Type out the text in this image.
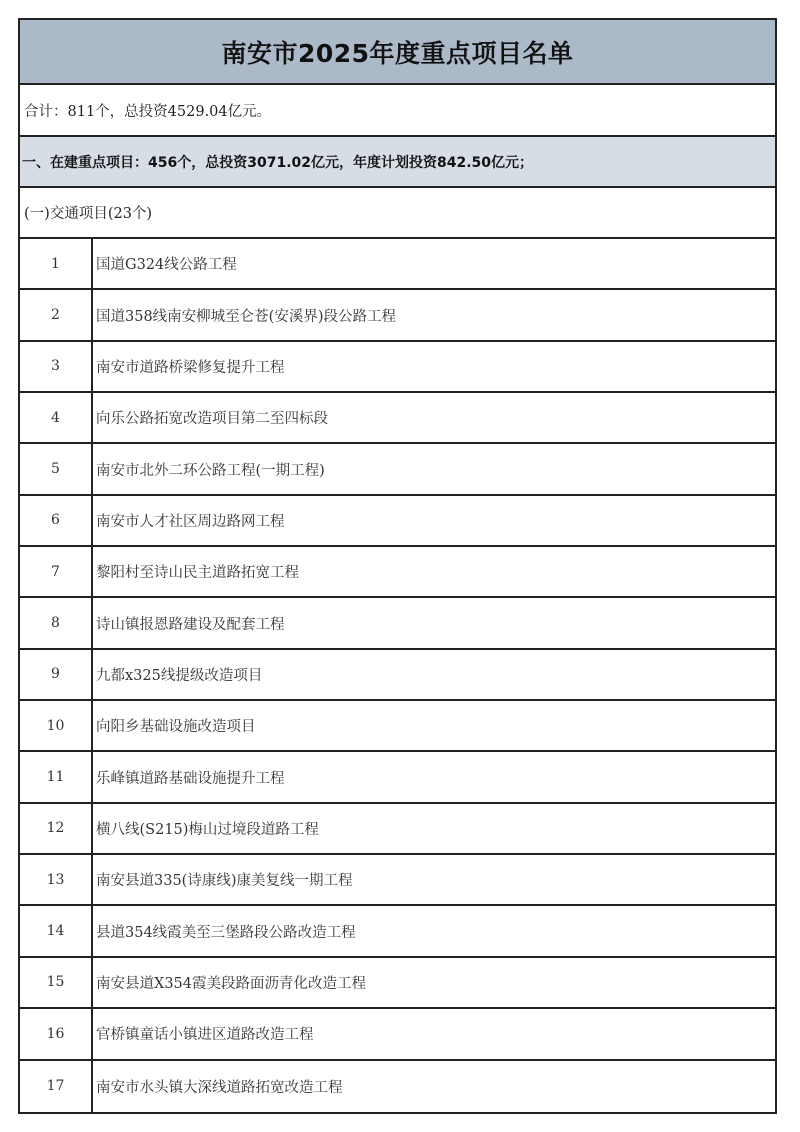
南安市2025年度重点项目名单
合计：811个，总投资4529.04亿元。
一、在建重点项目：456个，总投资3071.02亿元，年度计划投资842.50亿元；
(一)交通项目(23个)
1	国道G324线公路工程
2	国道358线南安柳城至仑苍(安溪界)段公路工程
3	南安市道路桥梁修复提升工程
4	向乐公路拓宽改造项目第二至四标段
5	南安市北外二环公路工程(一期工程)
6	南安市人才社区周边路网工程
7	黎阳村至诗山民主道路拓宽工程
8	诗山镇报恩路建设及配套工程
9	九都x325线提级改造项目
10	向阳乡基础设施改造项目
11	乐峰镇道路基础设施提升工程
12	横八线(S215)梅山过境段道路工程
13	南安县道335(诗康线)康美复线一期工程
14	县道354线霞美至三堡路段公路改造工程
15	南安县道X354霞美段路面沥青化改造工程
16	官桥镇童话小镇进区道路改造工程
17	南安市水头镇大深线道路拓宽改造工程
